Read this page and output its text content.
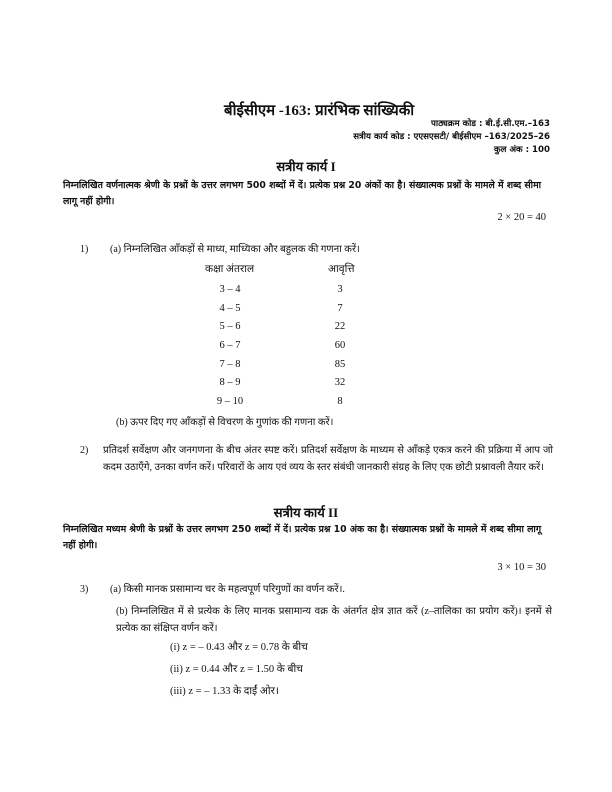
बीईसीएम -163: प्रारंभिक सांख्यिकी
पाठ्यक्रम कोड : बी.ई.सी.एम.–163
सत्रीय कार्य कोड : एएसएसटी/ बीईसीएम –163/2025–26
कुल अंक : 100
सत्रीय कार्य I
निम्नलिखित वर्णनात्मक श्रेणी के प्रश्नों के उत्तर लगभग 500 शब्दों में दें। प्रत्येक प्रश्न 20 अंकों का है। संख्यात्मक प्रश्नों के मामले में शब्द सीमा लागू नहीं होगी।
2 × 20 = 40
1) (a) निम्नलिखित आँकड़ों से माध्य, माध्यिका और बहुलक की गणना करें।
कक्षा अंतराल	आवृत्ति
3 – 4	3
4 – 5	7
5 – 6	22
6 – 7	60
7 – 8	85
8 – 9	32
9 – 10	8
(b) ऊपर दिए गए आँकड़ों से विचरण के गुणांक की गणना करें।
2) प्रतिदर्श सर्वेक्षण और जनगणना के बीच अंतर स्पष्ट करें। प्रतिदर्श सर्वेक्षण के माध्यम से आँकड़े एकत्र करने की प्रक्रिया में आप जो कदम उठाएँगे, उनका वर्णन करें। परिवारों के आय एवं व्यय के स्तर संबंधी जानकारी संग्रह के लिए एक छोटी प्रश्नावली तैयार करें।
सत्रीय कार्य II
निम्नलिखित मध्यम श्रेणी के प्रश्नों के उत्तर लगभग 250 शब्दों में दें। प्रत्येक प्रश्न 10 अंक का है। संख्यात्मक प्रश्नों के मामले में शब्द सीमा लागू नहीं होगी।
3 × 10 = 30
3) (a) किसी मानक प्रसामान्य चर के महत्वपूर्ण परिगुणों का वर्णन करें।.
(b) निम्नलिखित में से प्रत्येक के लिए मानक प्रसामान्य वक्र के अंतर्गत क्षेत्र ज्ञात करें (z–तालिका का प्रयोग करें)। इनमें से प्रत्येक का संक्षिप्त वर्णन करें।
(i) z = – 0.43 और z = 0.78 के बीच
(ii) z = 0.44 और z = 1.50 के बीच
(iii) z = – 1.33 के दाईं ओर।
